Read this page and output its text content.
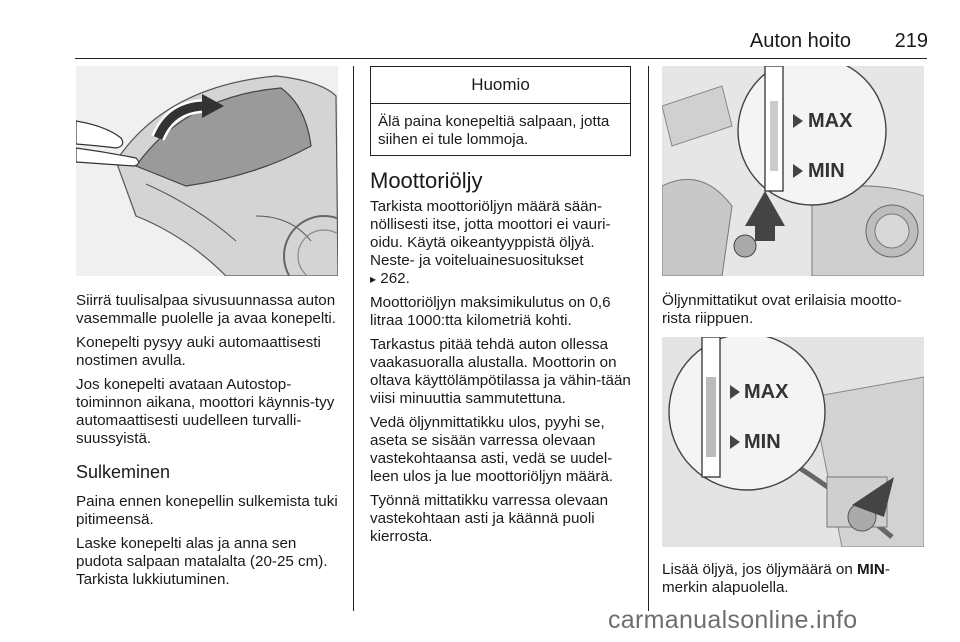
Auton hoito 219

Siirrä tuulisalpaa sivusuunnassa auton vasemmalle puolelle ja avaa konepelti.

Konepelti pysyy auki automaattisesti nostimen avulla.

Jos konepelti avataan Autostop-toiminnon aikana, moottori käynnis-tyy automaattisesti uudelleen turvalli-suussyistä.

Sulkeminen

Paina ennen konepellin sulkemista tuki pitimeensä.

Laske konepelti alas ja anna sen pudota salpaan matalalta (20-25 cm). Tarkista lukkiutuminen.

Huomio
Älä paina konepeltiä salpaan, jotta siihen ei tule lommoja.
Moottoriöljy

Tarkista moottoriöljyn määrä sään-nöllisesti itse, jotta moottori ei vauri-oidu. Käytä oikeantyyppistä öljyä. Neste- ja voiteluainesuositukset
▸ 262.

Moottoriöljyn maksimikulutus on 0,6 litraa 1000:tta kilometriä kohti.

Tarkastus pitää tehdä auton ollessa vaakasuoralla alustalla. Moottorin on oltava käyttölämpötilassa ja vähin-tään viisi minuuttia sammutettuna.

Vedä öljynmittatikku ulos, pyyhi se, aseta se sisään varressa olevaan vastekohtaansa asti, vedä se uudel-leen ulos ja lue moottoriöljyn määrä.

Työnnä mittatikku varressa olevaan vastekohtaan asti ja käännä puoli kierrosta.

MAX
MIN

Öljynmittatikut ovat erilaisia mootto-rista riippuen.

MAX
MIN

Lisää öljyä, jos öljymäärä on MIN-merkin alapuolella.

carmanualsonline.info
